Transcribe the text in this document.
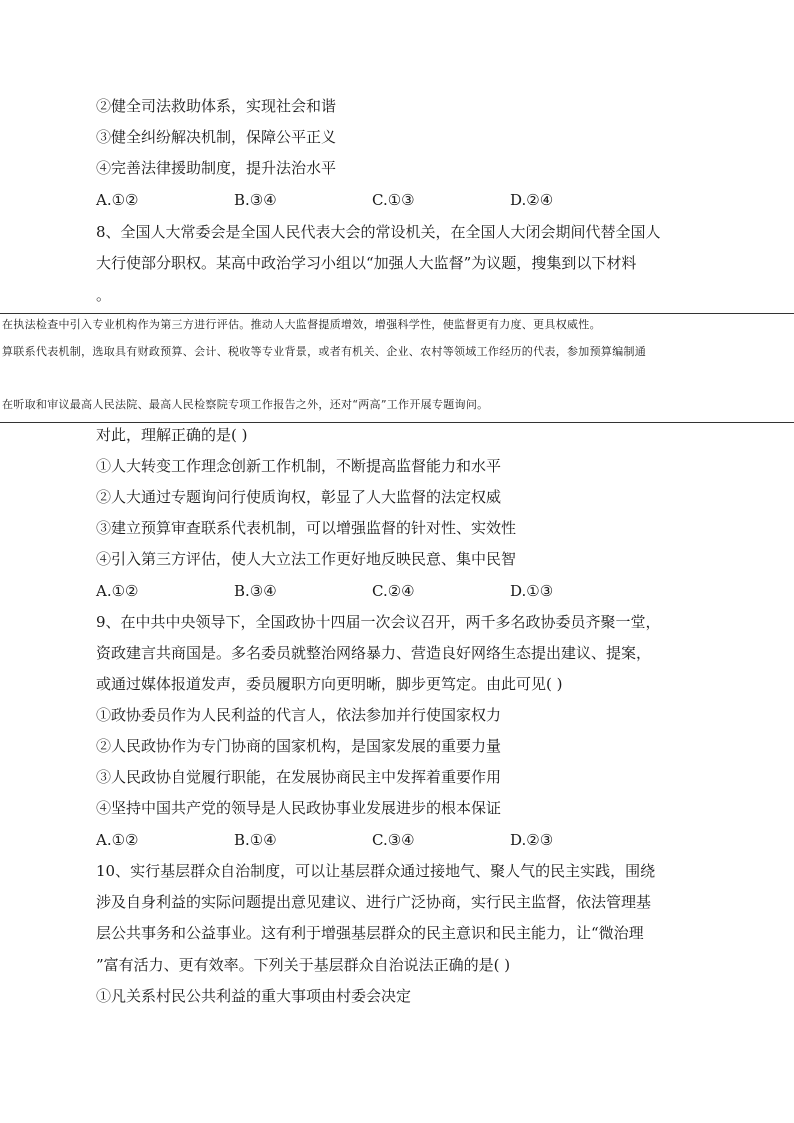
②健全司法救助体系，实现社会和谐
③健全纠纷解决机制，保障公平正义
④完善法律援助制度，提升法治水平
A.①②	B.③④	C.①③	D.②④
8、全国人大常委会是全国人民代表大会的常设机关，在全国人大闭会期间代替全国人
大行使部分职权。某高中政治学习小组以“加强人大监督”为议题，搜集到以下材料
。
在执法检查中引入专业机构作为第三方进行评估。推动人大监督提质增效，增强科学性，使监督更有力度、更具权威性。
算联系代表机制，选取具有财政预算、会计、税收等专业背景，或者有机关、企业、农村等领域工作经历的代表，参加预算编制通
在听取和审议最高人民法院、最高人民检察院专项工作报告之外，还对“两高”工作开展专题询问。
对此，理解正确的是( )
①人大转变工作理念创新工作机制，不断提高监督能力和水平
②人大通过专题询问行使质询权，彰显了人大监督的法定权威
③建立预算审查联系代表机制，可以增强监督的针对性、实效性
④引入第三方评估，使人大立法工作更好地反映民意、集中民智
A.①②	B.③④	C.②④	D.①③
9、在中共中央领导下，全国政协十四届一次会议召开，两千多名政协委员齐聚一堂，
资政建言共商国是。多名委员就整治网络暴力、营造良好网络生态提出建议、提案，
或通过媒体报道发声，委员履职方向更明晰，脚步更笃定。由此可见( )
①政协委员作为人民利益的代言人，依法参加并行使国家权力
②人民政协作为专门协商的国家机构，是国家发展的重要力量
③人民政协自觉履行职能，在发展协商民主中发挥着重要作用
④坚持中国共产党的领导是人民政协事业发展进步的根本保证
A.①②	B.①④	C.③④	D.②③
10、实行基层群众自治制度，可以让基层群众通过接地气、聚人气的民主实践，围绕
涉及自身利益的实际问题提出意见建议、进行广泛协商，实行民主监督，依法管理基
层公共事务和公益事业。这有利于增强基层群众的民主意识和民主能力，让“微治理
”富有活力、更有效率。下列关于基层群众自治说法正确的是( )
①凡关系村民公共利益的重大事项由村委会决定
